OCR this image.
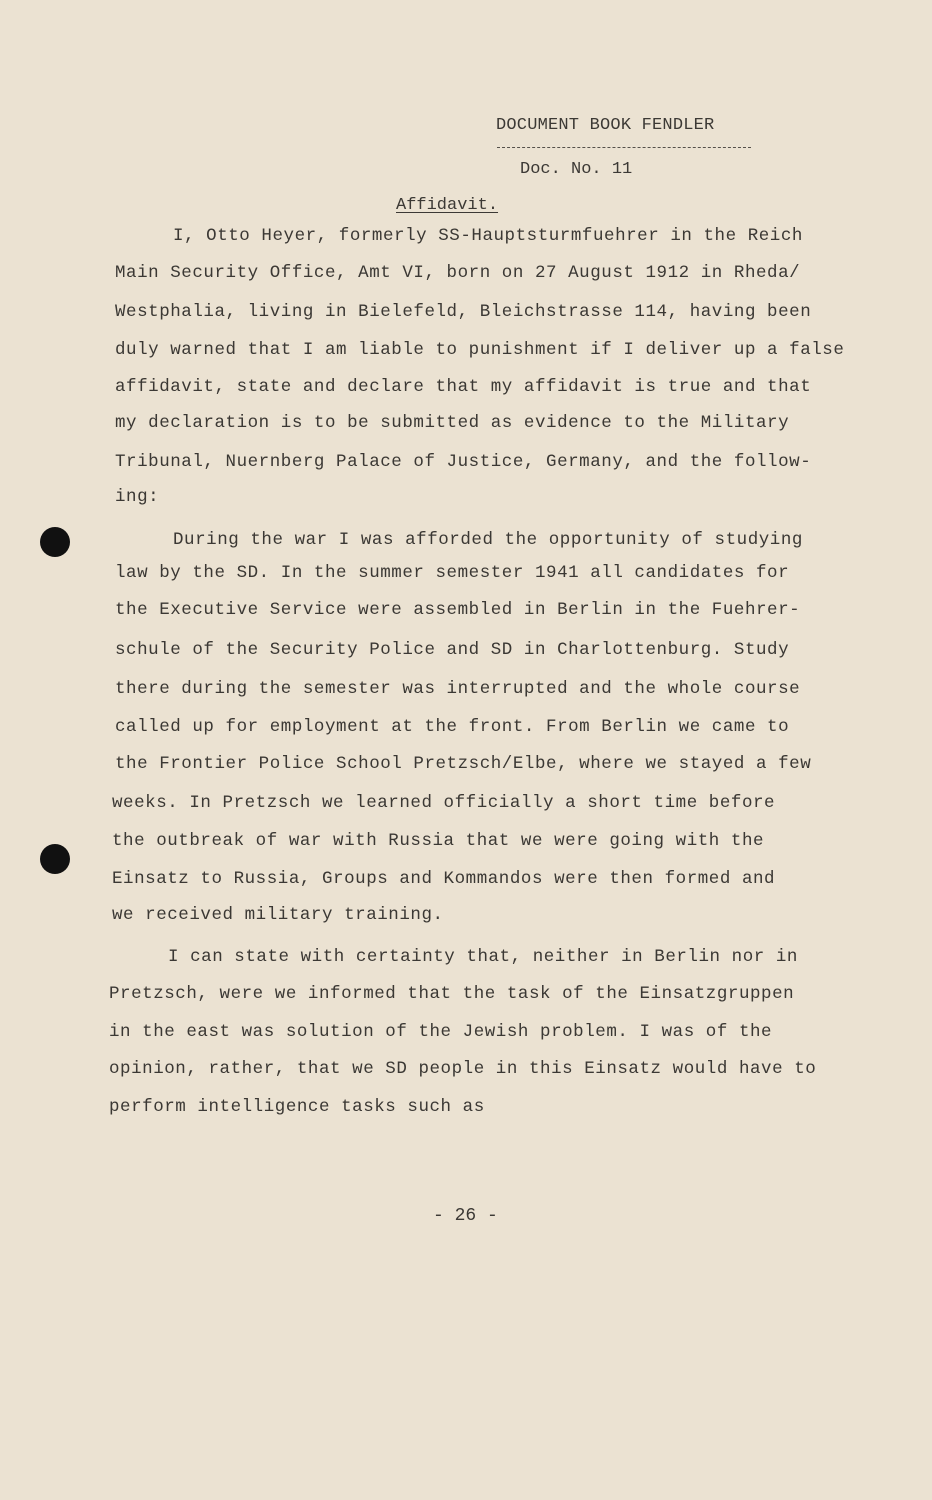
DOCUMENT BOOK FENDLER
Doc. No. 11
Affidavit.
I, Otto Heyer, formerly SS-Hauptsturmfuehrer in the Reich
Main Security Office, Amt VI, born on 27 August 1912 in Rheda/
Westphalia, living in Bielefeld, Bleichstrasse 114, having been
duly warned that I am liable to punishment if I deliver up a false
affidavit, state and declare that my affidavit is true and that
my declaration is to be submitted as evidence to the Military
Tribunal, Nuernberg Palace of Justice, Germany, and the follow-
ing:
During the war I was afforded the opportunity of studying
law by the SD. In the summer semester 1941 all candidates for
the Executive Service were assembled in Berlin in the Fuehrer-
schule of the Security Police and SD in Charlottenburg. Study
there during the semester was interrupted and the whole course
called up for employment at the front. From Berlin we came to
the Frontier Police School Pretzsch/Elbe, where we stayed a few
weeks. In Pretzsch we learned officially a short time before
the outbreak of war with Russia that we were going with the
Einsatz to Russia, Groups and Kommandos were then formed and
we received military training.
I can state with certainty that, neither in Berlin nor in
Pretzsch, were we informed that the task of the Einsatzgruppen
in the east was solution of the Jewish problem. I was of the
opinion, rather, that we SD people in this Einsatz would have to
perform intelligence tasks such as
- 26 -
